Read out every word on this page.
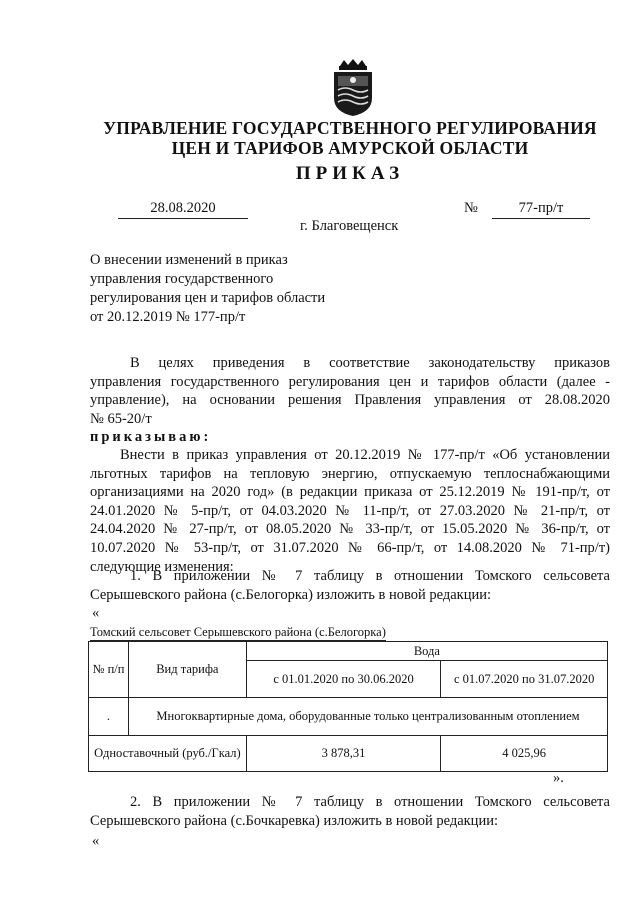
УПРАВЛЕНИЕ ГОСУДАРСТВЕННОГО РЕГУЛИРОВАНИЯ
ЦЕН И ТАРИФОВ АМУРСКОЙ ОБЛАСТИ
ПРИКАЗ
28.08.2020	№	77-пр/т
г. Благовещенск
О внесении изменений в приказ
управления государственного
регулирования цен и тарифов области
от 20.12.2019 № 177-пр/т
В целях приведения в соответствие законодательству приказов
управления государственного регулирования цен и тарифов области (далее -
управление), на основании решения Правления управления от 28.08.2020
№ 65-20/т
приказываю:
Внести в приказ управления от 20.12.2019 № 177-пр/т «Об установлении
льготных тарифов на тепловую энергию, отпускаемую теплоснабжающими
организациями на 2020 год» (в редакции приказа от 25.12.2019 № 191-пр/т, от
24.01.2020 № 5-пр/т, от 04.03.2020 № 11-пр/т, от 27.03.2020 № 21-пр/т, от
24.04.2020 № 27-пр/т, от 08.05.2020 № 33-пр/т, от 15.05.2020 № 36-пр/т, от
10.07.2020 № 53-пр/т, от 31.07.2020 № 66-пр/т, от 14.08.2020 № 71-пр/т)
следующие изменения:
1. В приложении № 7 таблицу в отношении Томского сельсовета
Серышевского района (с.Белогорка) изложить в новой редакции:
«
Томский сельсовет Серышевского района (с.Белогорка)
№ п/п	Вид тарифа	Вода	
		с 01.01.2020 по 30.06.2020	с 01.07.2020 по 31.07.2020
.	Многоквартирные дома, оборудованные только централизованным отоплением		
Одноставочный (руб./Гкал)		3 878,31	4 025,96
».
2. В приложении № 7 таблицу в отношении Томского сельсовета
Серышевского района (с.Бочкаревка) изложить в новой редакции:
«
